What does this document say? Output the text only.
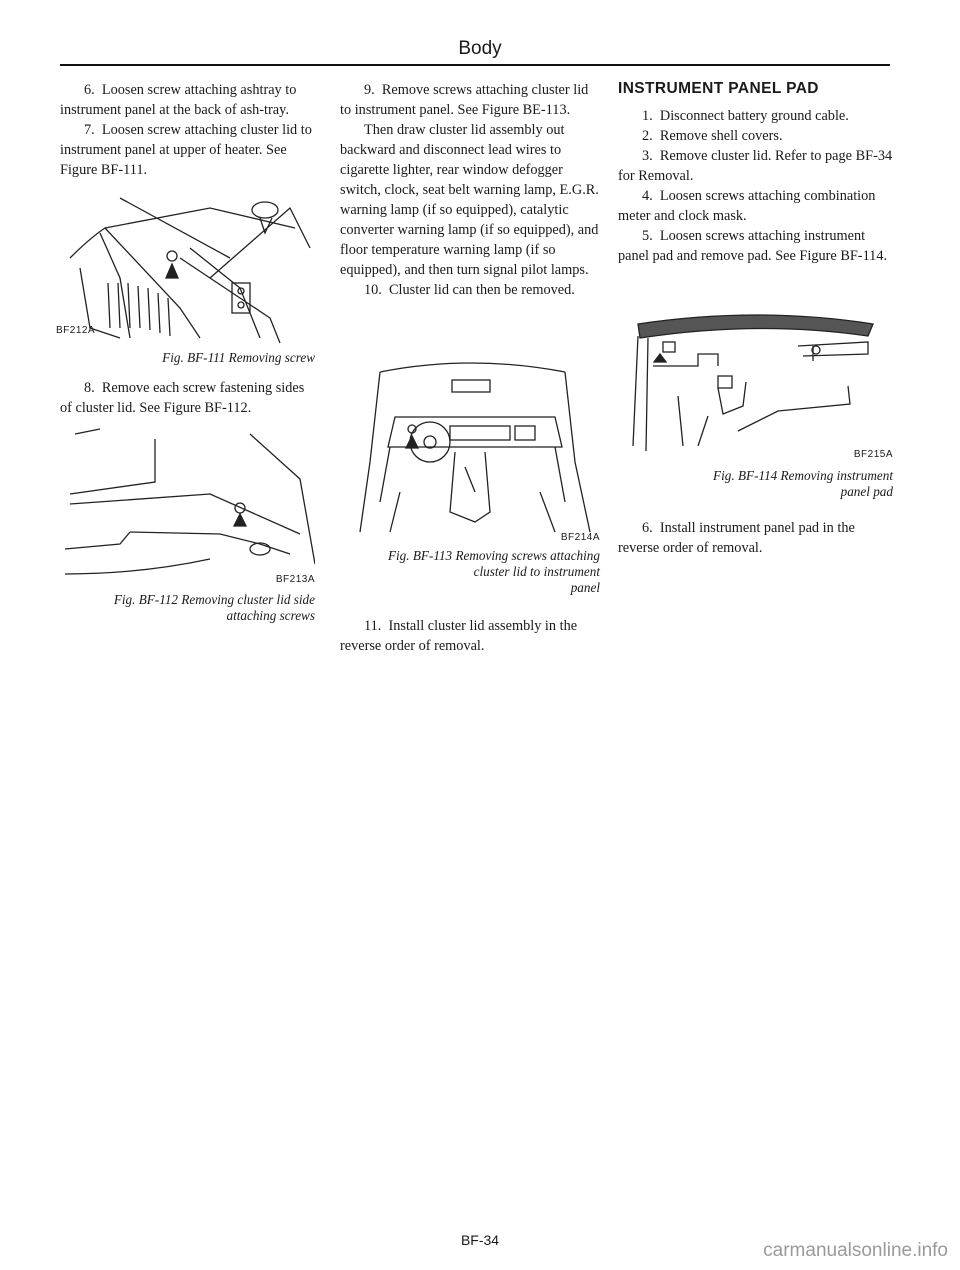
Body

6.  Loosen screw attaching ashtray to instrument panel at the back of ash-tray.

7.  Loosen screw attaching cluster lid to instrument panel at upper of heater. See Figure BF-111.

BF212A

Fig. BF-111 Removing screw

8.  Remove each screw fastening sides of cluster lid. See Figure BF-112.

BF213A

Fig. BF-112 Removing cluster lid side

attaching screws

9.  Remove screws attaching cluster lid to instrument panel. See Figure BE-113.

Then draw cluster lid assembly out backward and disconnect lead wires to cigarette lighter, rear window defogger switch, clock, seat belt warning lamp, E.G.R. warning lamp (if so equipped), catalytic converter warning lamp (if so equipped), and floor temperature warning lamp (if so equipped), and then turn signal pilot lamps.

10.  Cluster lid can then be removed.

BF214A

Fig. BF-113 Removing screws attaching

cluster lid to instrument

panel

11.  Install cluster lid assembly in the reverse order of removal.

INSTRUMENT PANEL PAD

1.  Disconnect battery ground cable.

2.  Remove shell covers.

3.  Remove cluster lid. Refer to page BF-34 for Removal.

4.  Loosen screws attaching combination meter and clock mask.

5.  Loosen screws attaching instrument panel pad and remove pad. See Figure BF-114.

BF215A

Fig. BF-114 Removing instrument

panel pad

6.  Install instrument panel pad in the reverse order of removal.

BF-34	carmanualsonline.info
